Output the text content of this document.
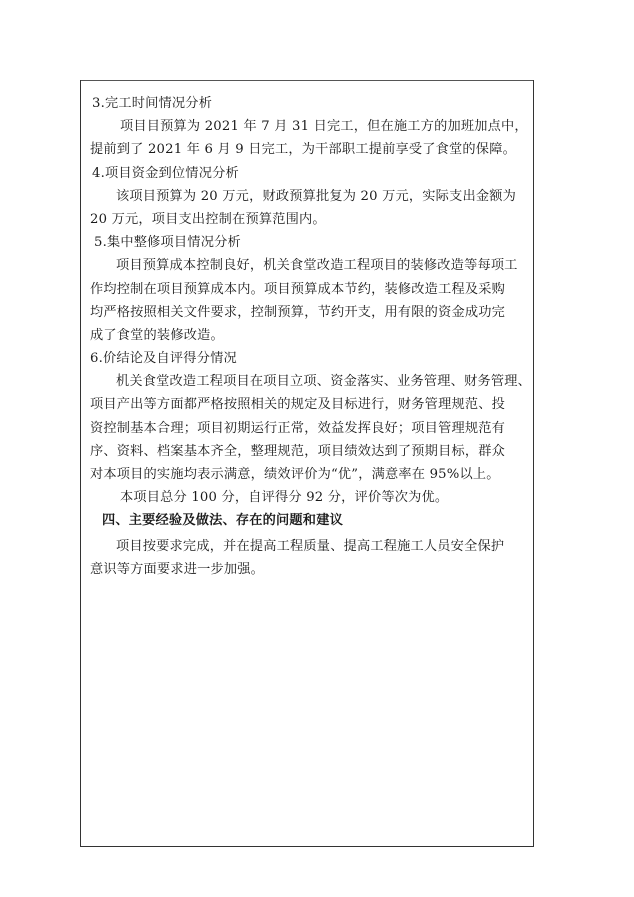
3.完工时间情况分析
项目目预算为 2021 年 7 月 31 日完工，但在施工方的加班加点中，
提前到了 2021 年 6 月 9 日完工，为干部职工提前享受了食堂的保障。
4.项目资金到位情况分析
该项目预算为 20 万元，财政预算批复为 20 万元，实际支出金额为
20 万元，项目支出控制在预算范围内。
5.集中整修项目情况分析
项目预算成本控制良好，机关食堂改造工程项目的装修改造等每项工
作均控制在项目预算成本内。项目预算成本节约，装修改造工程及采购
均严格按照相关文件要求，控制预算，节约开支，用有限的资金成功完
成了食堂的装修改造。
6.价结论及自评得分情况
机关食堂改造工程项目在项目立项、资金落实、业务管理、财务管理、
项目产出等方面都严格按照相关的规定及目标进行，财务管理规范、投
资控制基本合理；项目初期运行正常，效益发挥良好；项目管理规范有
序、资料、档案基本齐全，整理规范，项目绩效达到了预期目标，群众
对本项目的实施均表示满意，绩效评价为“优”，满意率在 95%以上。
本项目总分 100 分，自评得分 92 分，评价等次为优。
四、主要经验及做法、存在的问题和建议
项目按要求完成，并在提高工程质量、提高工程施工人员安全保护
意识等方面要求进一步加强。
